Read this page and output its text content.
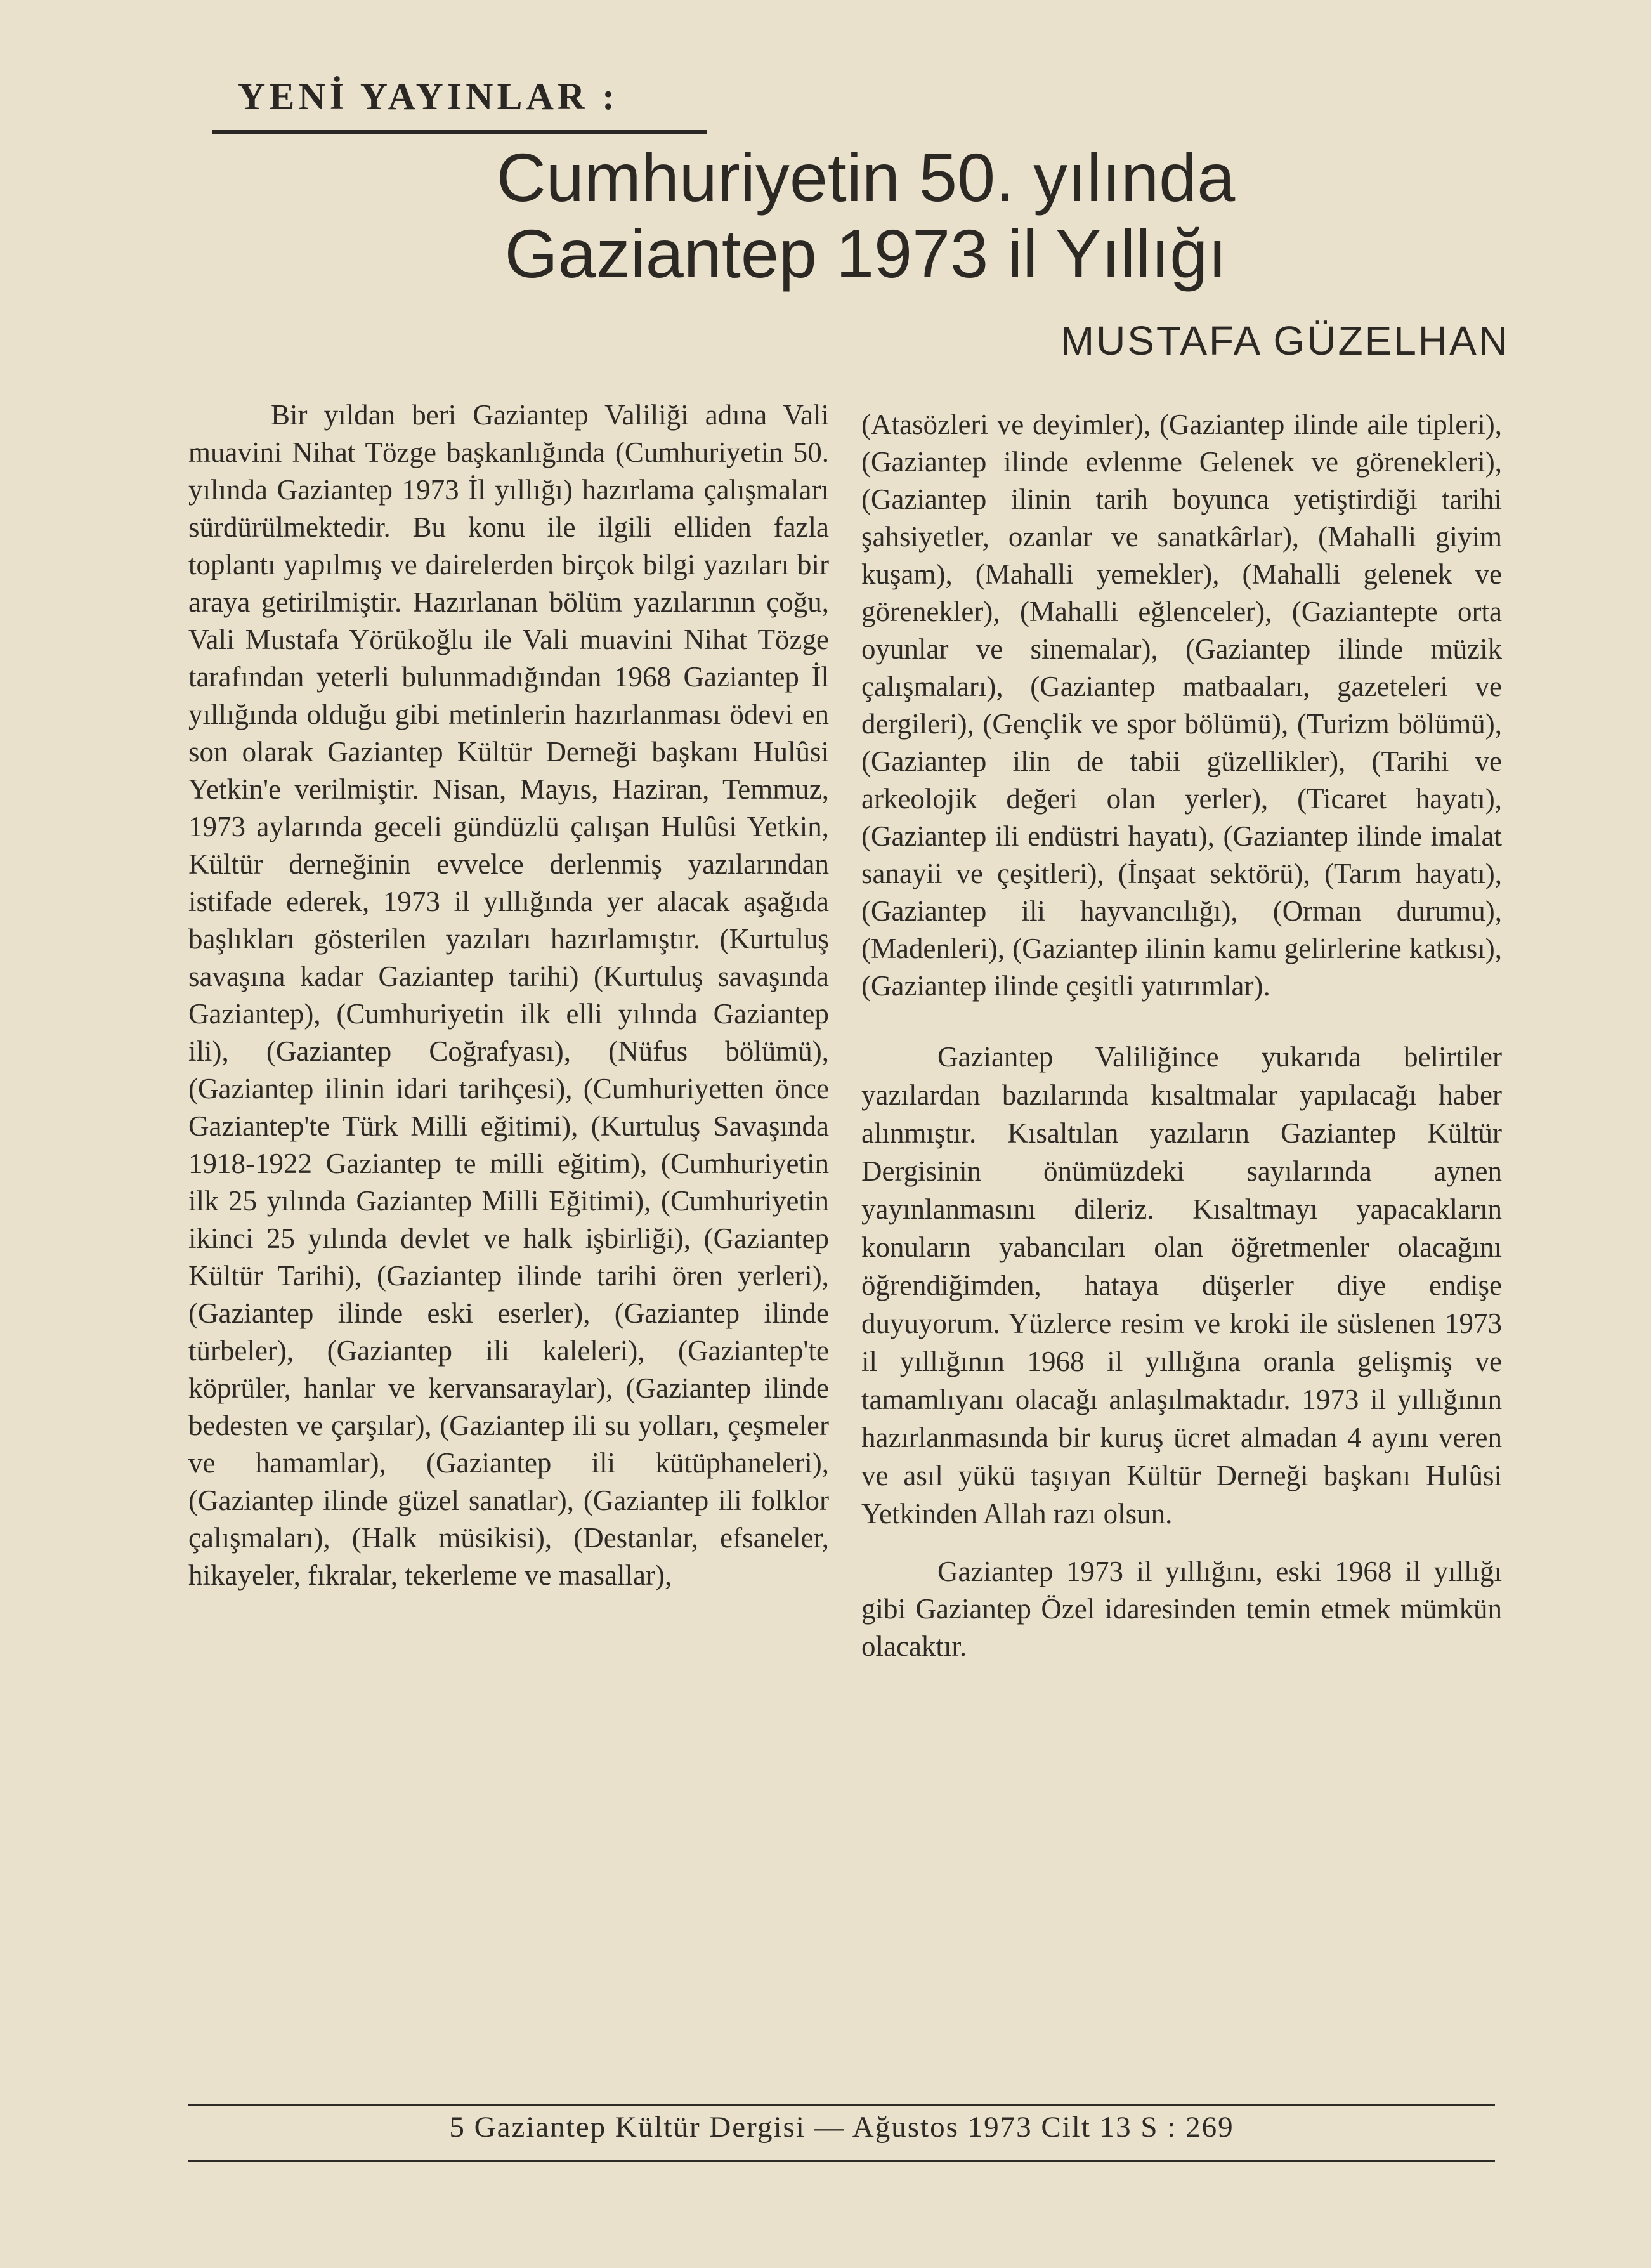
YENİ YAYINLAR :
Cumhuriyetin 50. yılında
Gaziantep 1973 il Yıllığı
MUSTAFA GÜZELHAN
Bir yıldan beri Gaziantep Valiliği adına Vali muavini Nihat Tözge başkanlığında (Cumhuriyetin 50. yılında Gaziantep 1973 İl yıllığı) hazırlama çalışmaları sürdürülmektedir. Bu konu ile ilgili elliden fazla toplantı yapılmış ve dairelerden birçok bilgi yazıları bir araya getirilmiştir. Hazırlanan bölüm yazılarının çoğu, Vali Mustafa Yörükoğlu ile Vali muavini Nihat Tözge tarafından yeterli bulunmadığından 1968 Gaziantep İl yıllığında olduğu gibi metinlerin hazırlanması ödevi en son olarak Gaziantep Kültür Derneği başkanı Hulûsi Yetkin'e verilmiştir. Nisan, Mayıs, Haziran, Temmuz, 1973 aylarında geceli gündüzlü çalışan Hulûsi Yetkin, Kültür derneğinin evvelce derlenmiş yazılarından istifade ederek, 1973 il yıllığında yer alacak aşağıda başlıkları gösterilen yazıları hazırlamıştır. (Kurtuluş savaşına kadar Gaziantep tarihi) (Kurtuluş savaşında Gaziantep), (Cumhuriyetin ilk elli yılında Gaziantep ili), (Gaziantep Coğrafyası), (Nüfus bölümü), (Gaziantep ilinin idari tarihçesi), (Cumhuriyetten önce Gaziantep'te Türk Milli eğitimi), (Kurtuluş Savaşında 1918-1922 Gaziantep te milli eğitim), (Cumhuriyetin ilk 25 yılında Gaziantep Milli Eğitimi), (Cumhuriyetin ikinci 25 yılında devlet ve halk işbirliği), (Gaziantep Kültür Tarihi), (Gaziantep ilinde tarihi ören yerleri), (Gaziantep ilinde eski eserler), (Gaziantep ilinde türbeler), (Gaziantep ili kaleleri), (Gaziantep'te köprüler, hanlar ve kervansaraylar), (Gaziantep ilinde bedesten ve çarşılar), (Gaziantep ili su yolları, çeşmeler ve hamamlar), (Gaziantep ili kütüphaneleri), (Gaziantep ilinde güzel sanatlar), (Gaziantep ili folklor çalışmaları), (Halk müsikisi), (Destanlar, efsaneler, hikayeler, fıkralar, tekerleme ve masallar),

(Atasözleri ve deyimler), (Gaziantep ilinde aile tipleri), (Gaziantep ilinde evlenme Gelenek ve görenekleri), (Gaziantep ilinin tarih boyunca yetiştirdiği tarihi şahsiyetler, ozanlar ve sanatkârlar), (Mahalli giyim kuşam), (Mahalli yemekler), (Mahalli gelenek ve görenekler), (Mahalli eğlenceler), (Gaziantepte orta oyunlar ve sinemalar), (Gaziantep ilinde müzik çalışmaları), (Gaziantep matbaaları, gazeteleri ve dergileri), (Gençlik ve spor bölümü), (Turizm bölümü), (Gaziantep ilin de tabii güzellikler), (Tarihi ve arkeolojik değeri olan yerler), (Ticaret hayatı), (Gaziantep ili endüstri hayatı), (Gaziantep ilinde imalat sanayii ve çeşitleri), (İnşaat sektörü), (Tarım hayatı), (Gaziantep ili hayvancılığı), (Orman durumu), (Madenleri), (Gaziantep ilinin kamu gelirlerine katkısı), (Gaziantep ilinde çeşitli yatırımlar).

Gaziantep Valiliğince yukarıda belirtiler yazılardan bazılarında kısaltmalar yapılacağı haber alınmıştır. Kısaltılan yazıların Gaziantep Kültür Dergisinin önümüzdeki sayılarında aynen yayınlanmasını dileriz. Kısaltmayı yapacakların konuların yabancıları olan öğretmenler olacağını öğrendiğimden, hataya düşerler diye endişe duyuyorum. Yüzlerce resim ve kroki ile süslenen 1973 il yıllığının 1968 il yıllığına oranla gelişmiş ve tamamlıyanı olacağı anlaşılmaktadır. 1973 il yıllığının hazırlanmasında bir kuruş ücret almadan 4 ayını veren ve asıl yükü taşıyan Kültür Derneği başkanı Hulûsi Yetkinden Allah razı olsun.

Gaziantep 1973 il yıllığını, eski 1968 il yıllığı gibi Gaziantep Özel idaresinden temin etmek mümkün olacaktır.

5 Gaziantep Kültür Dergisi — Ağustos 1973 Cilt 13 S : 269
